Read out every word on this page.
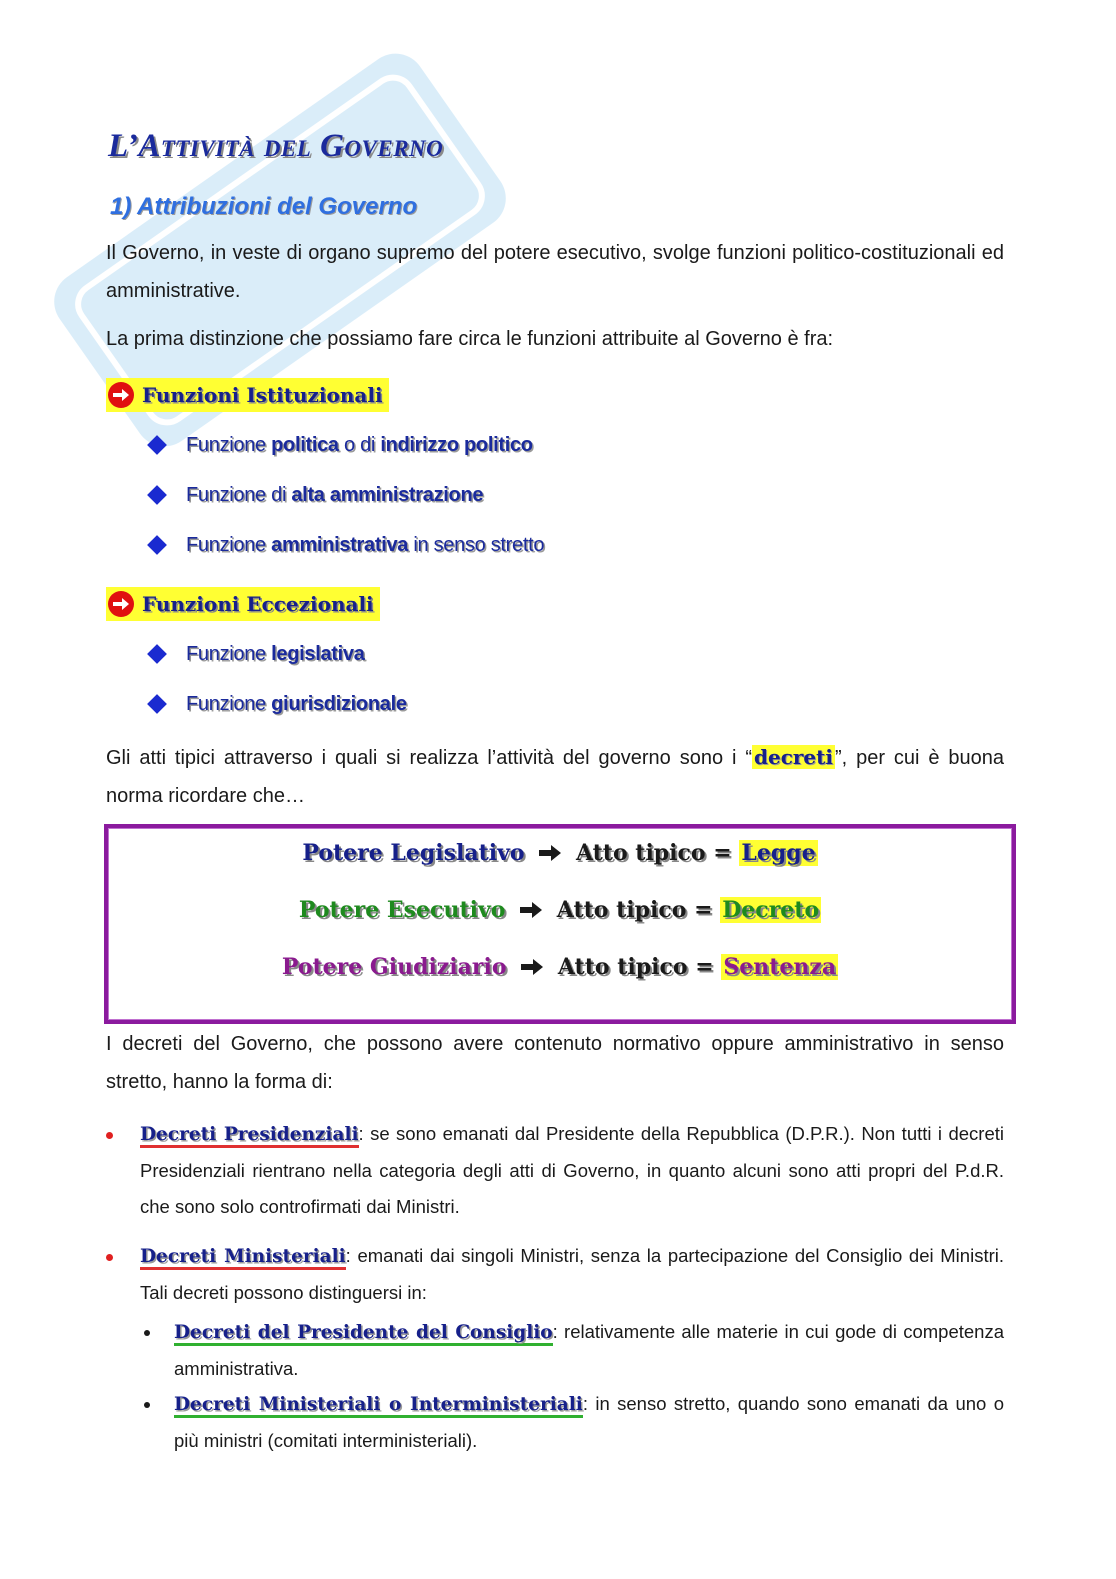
L’Attività del Governo
1) Attribuzioni del Governo
Il Governo, in veste di organo supremo del potere esecutivo, svolge funzioni politico-costituzionali ed amministrative.
La prima distinzione che possiamo fare circa le funzioni attribuite al Governo è fra:
Funzioni Istituzionali
Funzione politica o di indirizzo politico
Funzione di alta amministrazione
Funzione amministrativa in senso stretto
Funzioni Eccezionali
Funzione legislativa
Funzione giurisdizionale
Gli atti tipici attraverso i quali si realizza l’attività del governo sono i “ decreti ”, per cui è buona norma ricordare che…
Potere Legislativo Atto tipico = Legge
Potere Esecutivo Atto tipico = Decreto
Potere Giudiziario Atto tipico = Sentenza
I decreti del Governo, che possono avere contenuto normativo oppure amministrativo in senso stretto, hanno la forma di:
Decreti Presidenziali: se sono emanati dal Presidente della Repubblica (D.P.R.). Non tutti i decreti Presidenziali rientrano nella categoria degli atti di Governo, in quanto alcuni sono atti propri del P.d.R. che sono solo controfirmati dai Ministri.
Decreti Ministeriali: emanati dai singoli Ministri, senza la partecipazione del Consiglio dei Ministri. Tali decreti possono distinguersi in:
Decreti del Presidente del Consiglio: relativamente alle materie in cui gode di competenza amministrativa.
Decreti Ministeriali o Interministeriali: in senso stretto, quando sono emanati da uno o più ministri (comitati interministeriali).
